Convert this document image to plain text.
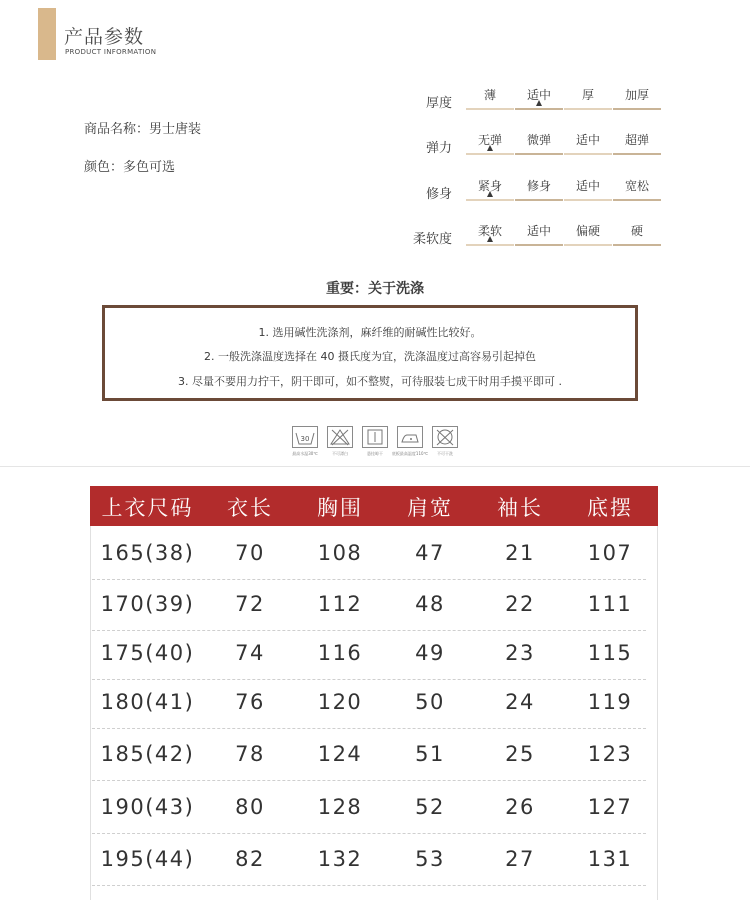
产品参数
PRODUCT INFORMATION
商品名称：男士唐装
颜色：多色可选
厚度
薄	适中	厚	加厚
弹力
无弹	微弹	适中	超弹
修身
紧身	修身	适中	宽松
柔软度
柔软	适中	偏硬	硬
重要：关于洗涤
1. 选用碱性洗涤剂，麻纤维的耐碱性比较好。
2. 一般洗涤温度选择在 40 摄氏度为宜，洗涤温度过高容易引起掉色
3. 尽量不要用力拧干，阴干即可，如不整熨，可待服装七成干时用手摸平即可 .
30
最高水温30℃	不可漂白	悬挂晾干	底板最高温度110℃	不可干洗
上衣尺码	衣长	胸围	肩宽	袖长	底摆
165(38)	70	108	47	21	107
170(39)	72	112	48	22	111
175(40)	74	116	49	23	115
180(41)	76	120	50	24	119
185(42)	78	124	51	25	123
190(43)	80	128	52	26	127
195(44)	82	132	53	27	131
